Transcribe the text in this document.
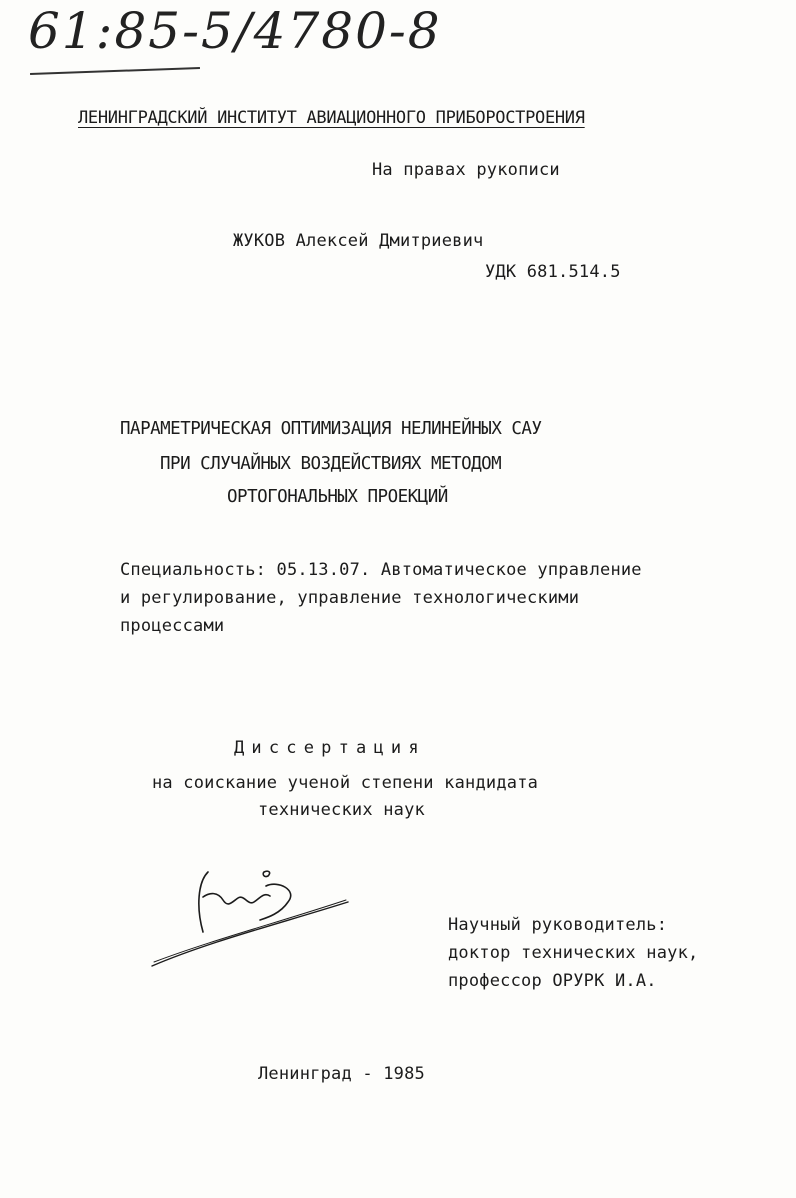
61:85-5/4780-8
ЛЕНИНГРАДСКИЙ ИНСТИТУТ АВИАЦИОННОГО ПРИБОРОСТРОЕНИЯ
На правах рукописи
ЖУКОВ Алексей Дмитриевич
УДК 681.514.5
ПАРАМЕТРИЧЕСКАЯ ОПТИМИЗАЦИЯ НЕЛИНЕЙНЫХ САУ
ПРИ СЛУЧАЙНЫХ ВОЗДЕЙСТВИЯХ МЕТОДОМ
ОРТОГОНАЛЬНЫХ ПРОЕКЦИЙ
Специальность: 05.13.07. Автоматическое управление
и регулирование, управление технологическими
процессами
Диссертация
на соискание ученой степени кандидата
технических наук
Научный руководитель:
доктор технических наук,
профессор ОРУРК И.А.
Ленинград - 1985
